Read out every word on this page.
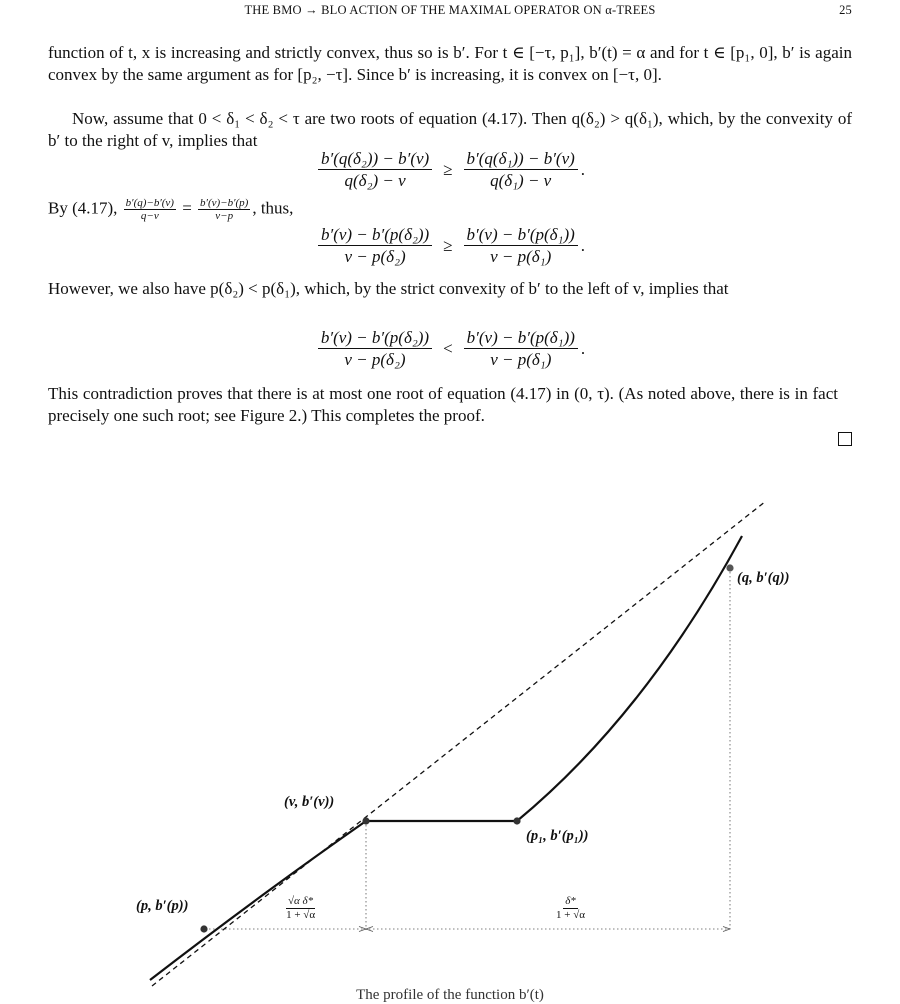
THE BMO → BLO ACTION OF THE MAXIMAL OPERATOR ON α-TREES	25
function of t, x is increasing and strictly convex, thus so is b′. For t ∈ [−τ, p₁], b′(t) = α and for t ∈ [p₁, 0], b′ is again convex by the same argument as for [p₂, −τ]. Since b′ is increasing, it is convex on [−τ, 0].
Now, assume that 0 < δ₁ < δ₂ < τ are two roots of equation (4.17). Then q(δ₂) > q(δ₁), which, by the convexity of b′ to the right of v, implies that
$\frac{\text{b′(q(δ₂)) − b′(v)}}{\text{q(δ₂) − v}} \ge \frac{\text{b′(q(δ₁)) − b′(v)}}{\text{q(δ₁) − v}}$ .
By (4.17), $\frac{b'(q)-b'(v)}{q-v} = \frac{b'(v)-b'(p)}{v-p}$ , thus,
$\frac{\text{b′(v) − b′(p(δ₂))}}{\text{v − p(δ₂)}} \ge \frac{\text{b′(v) − b′(p(δ₁))}}{\text{v − p(δ₁)}}$ .
However, we also have p(δ₂) < p(δ₁), which, by the strict convexity of b′ to the left of v, implies that
$\frac{\text{b′(v) − b′(p(δ₂))}}{\text{v − p(δ₂)}} < \frac{\text{b′(v) − b′(p(δ₁))}}{\text{v − p(δ₁)}}$ .
This contradiction proves that there is at most one root of equation (4.17) in (0, τ). (As noted above, there is in fact precisely one such root; see Figure 2.) This completes the proof.
(q, b′(q))
(v, b′(v))
(p₁, b′(p₁))
(p, b′(p))	$\frac{\text{√α δ*}}{1 + √\alpha}$	$\frac{\delta*}{1 + √\alpha}$
The profile of the function b′(t)
